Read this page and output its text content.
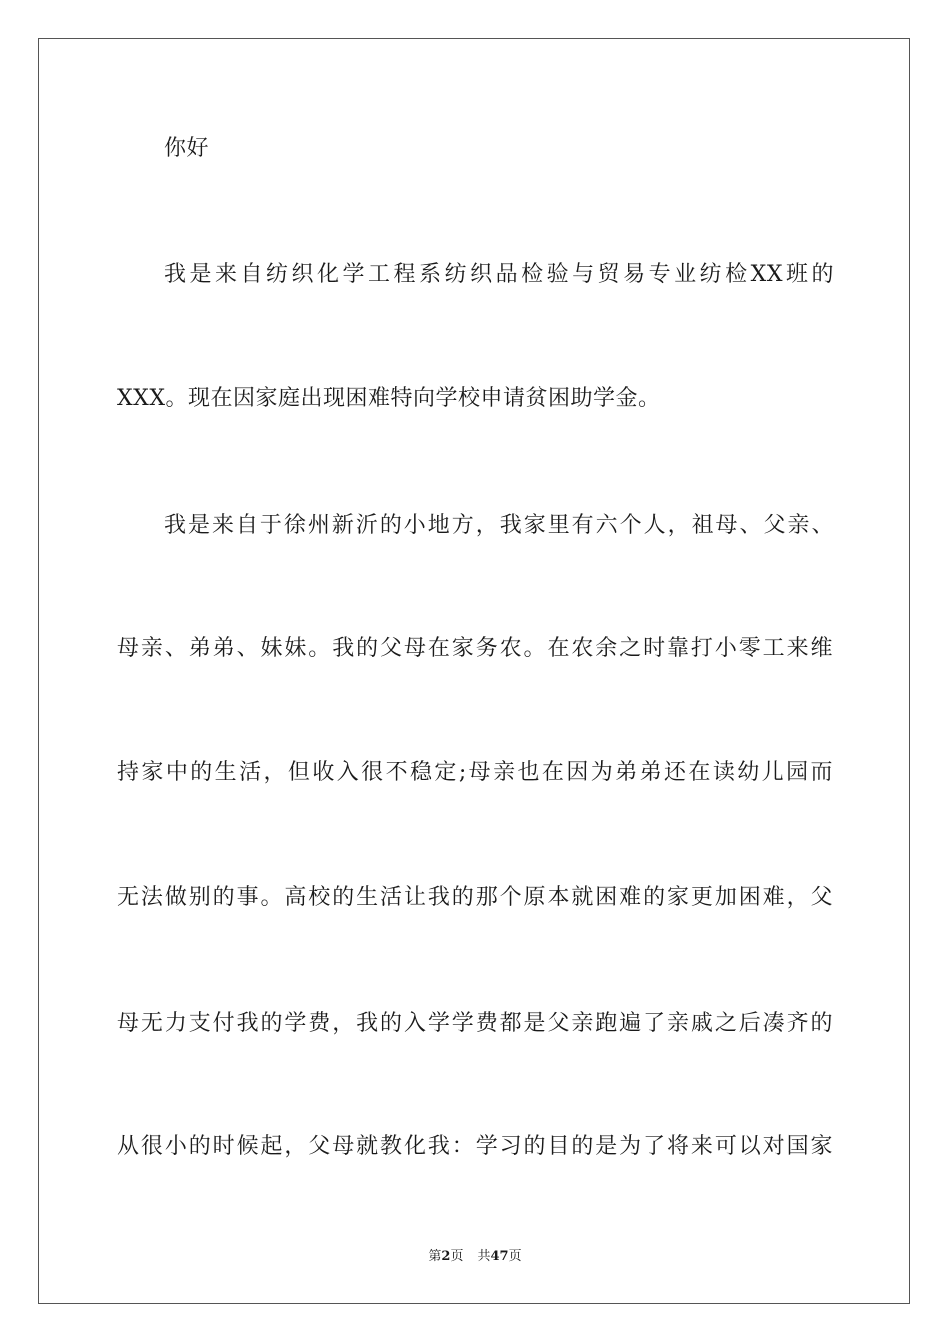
你好
我是来自纺织化学工程系纺织品检验与贸易专业纺检XX班的
XXX。现在因家庭出现困难特向学校申请贫困助学金。
我是来自于徐州新沂的小地方，我家里有六个人，祖母、父亲、
母亲、弟弟、妹妹。我的父母在家务农。在农余之时靠打小零工来维
持家中的生活，但收入很不稳定;母亲也在因为弟弟还在读幼儿园而
无法做别的事。高校的生活让我的那个原本就困难的家更加困难，父
母无力支付我的学费，我的入学学费都是父亲跑遍了亲戚之后凑齐的
从很小的时候起，父母就教化我：学习的目的是为了将来可以对国家
第2页 共47页
